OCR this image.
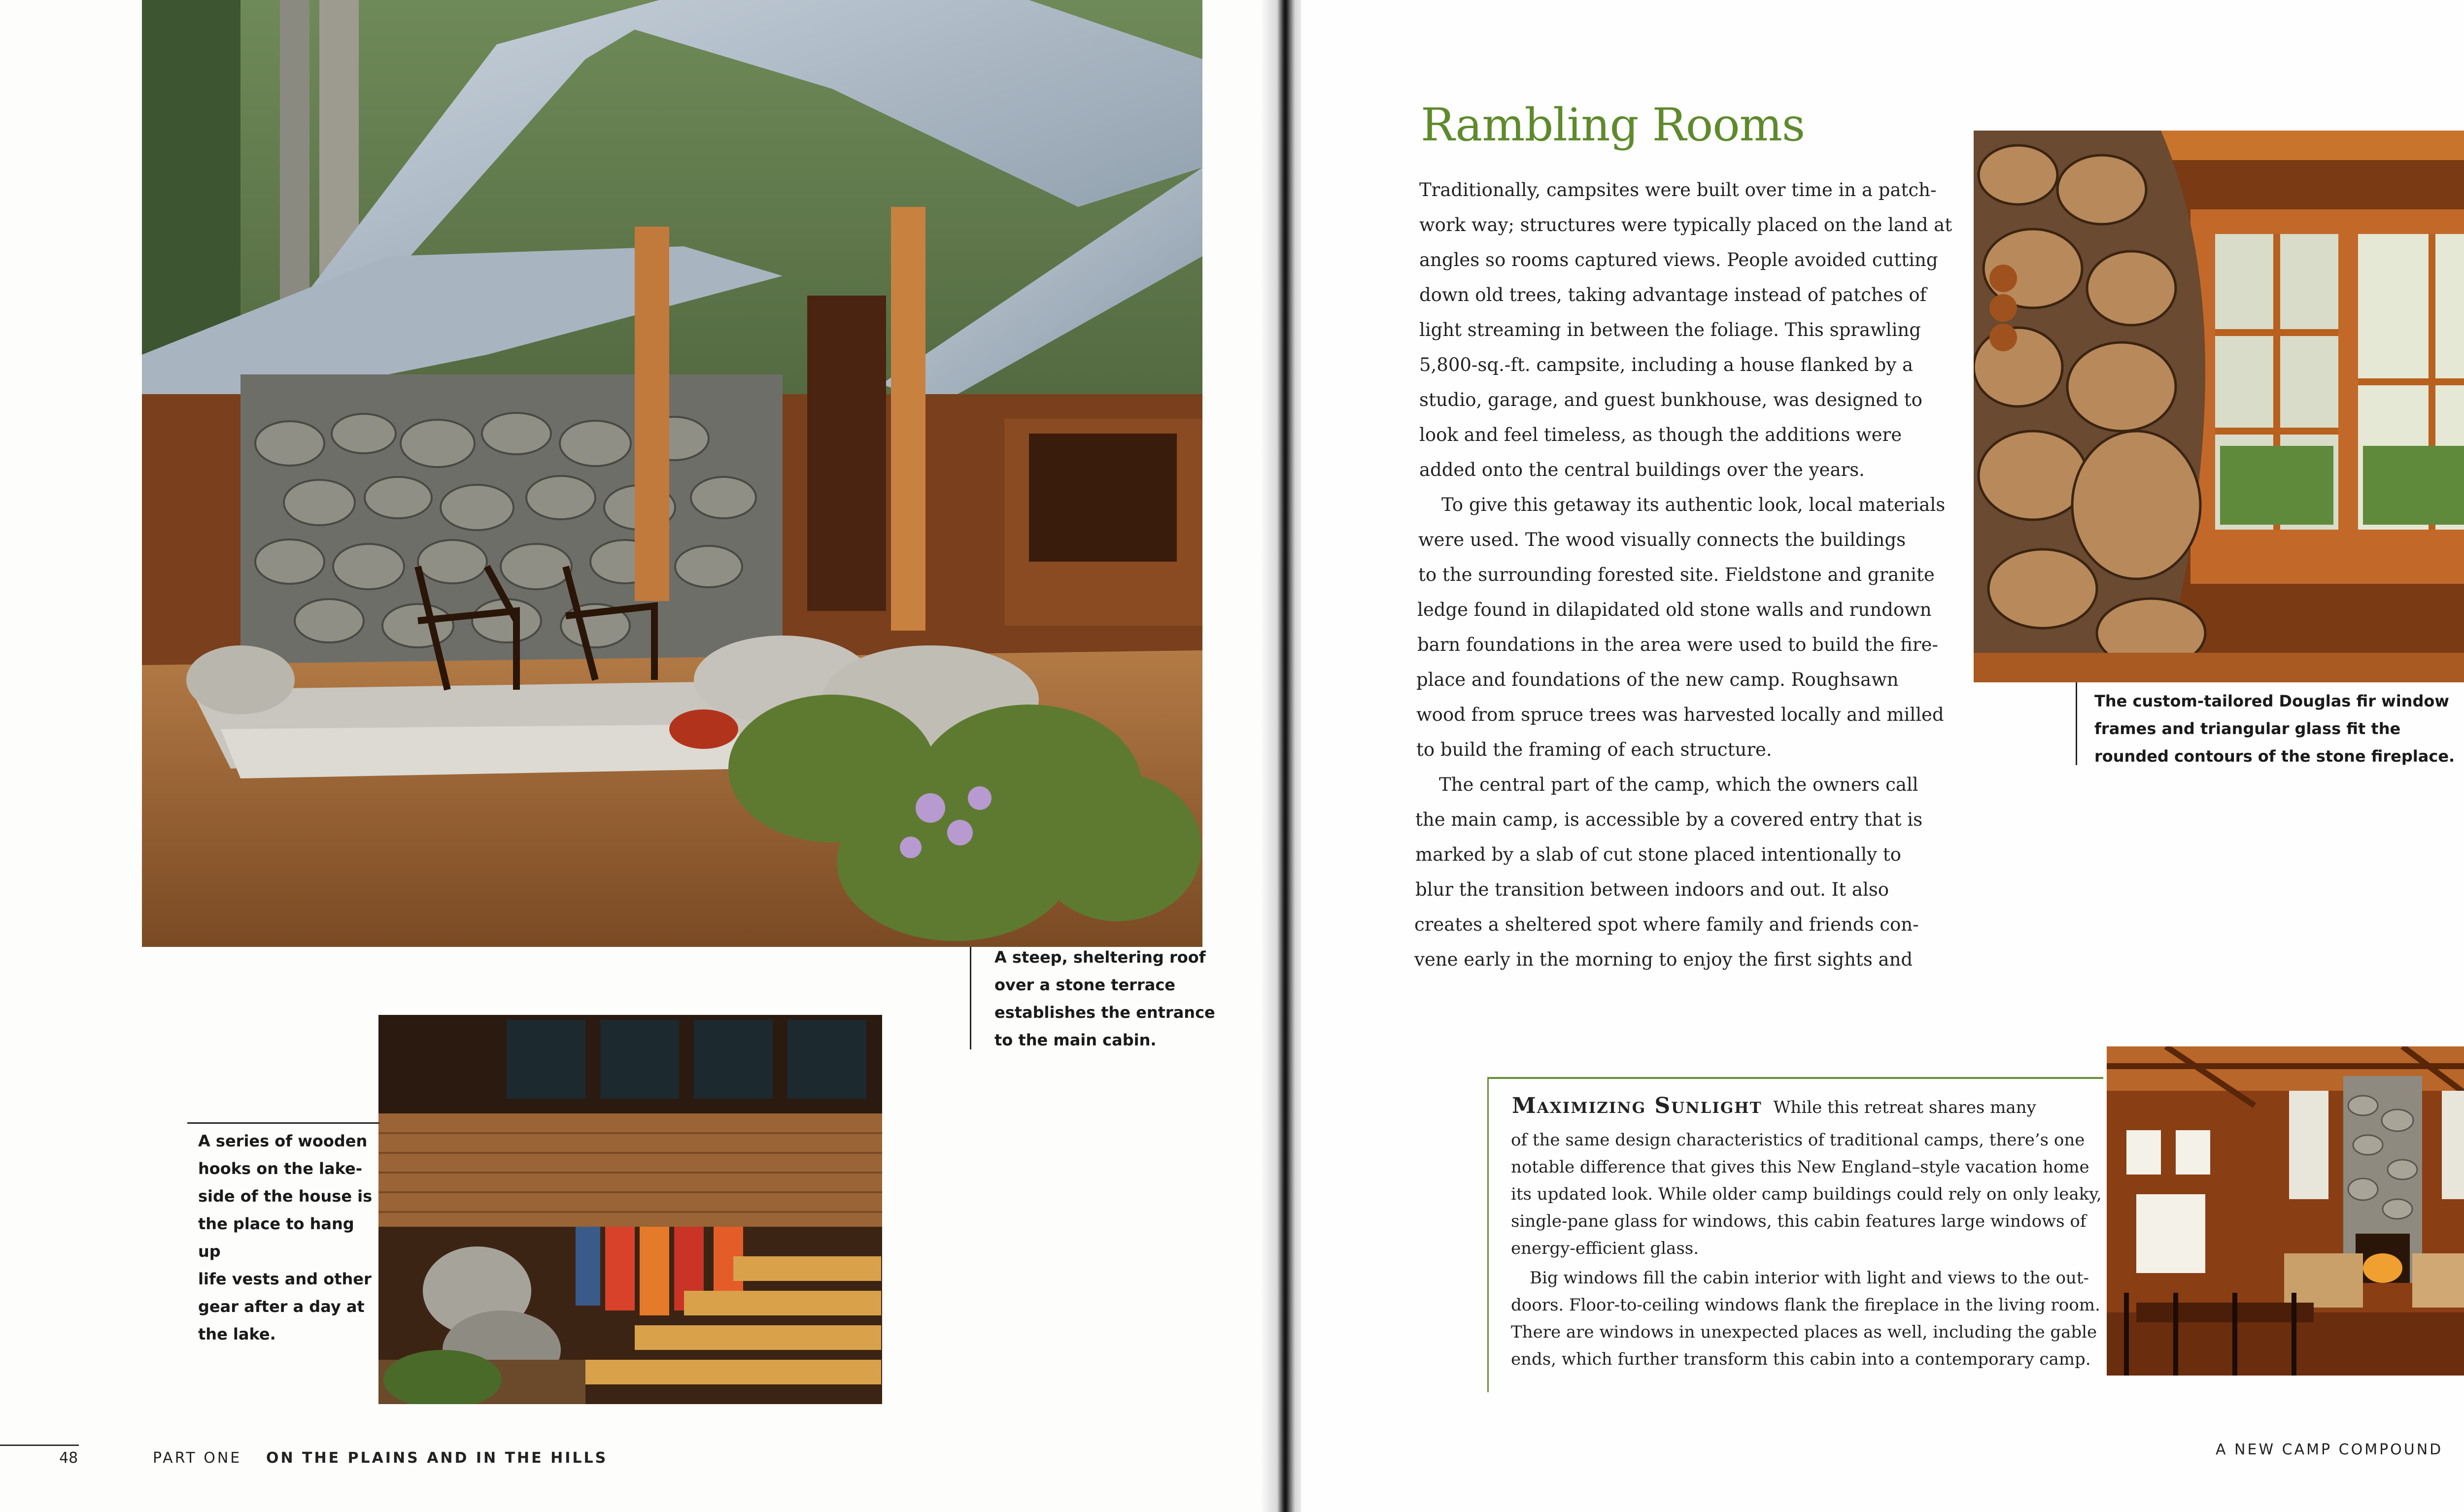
A steep, sheltering roof
over a stone terrace
establishes the entrance
to the main cabin.
A series of wooden
hooks on the lake-
side of the house is
the place to hang up
life vests and other
gear after a day at
the lake.
48	PART ONE ON THE PLAINS AND IN THE HILLS
Rambling Rooms
Traditionally, campsites were built over time in a patch-
work way; structures were typically placed on the land at
angles so rooms captured views. People avoided cutting
down old trees, taking advantage instead of patches of
light streaming in between the foliage. This sprawling
5,800-sq.-ft. campsite, including a house flanked by a
studio, garage, and guest bunkhouse, was designed to
look and feel timeless, as though the additions were
added onto the central buildings over the years.
To give this getaway its authentic look, local materials
were used. The wood visually connects the buildings
to the surrounding forested site. Fieldstone and granite
ledge found in dilapidated old stone walls and rundown
barn foundations in the area were used to build the fire-
place and foundations of the new camp. Roughsawn
wood from spruce trees was harvested locally and milled
to build the framing of each structure.
The central part of the camp, which the owners call
the main camp, is accessible by a covered entry that is
marked by a slab of cut stone placed intentionally to
blur the transition between indoors and out. It also
creates a sheltered spot where family and friends con-
vene early in the morning to enjoy the first sights and
The custom-tailored Douglas fir window
frames and triangular glass fit the
rounded contours of the stone fireplace.
Maximizing Sunlight While this retreat shares many
of the same design characteristics of traditional camps, there’s one
notable difference that gives this New England–style vacation home
its updated look. While older camp buildings could rely on only leaky,
single-pane glass for windows, this cabin features large windows of
energy-efficient glass.
Big windows fill the cabin interior with light and views to the out-
doors. Floor-to-ceiling windows flank the fireplace in the living room.
There are windows in unexpected places as well, including the gable
ends, which further transform this cabin into a contemporary camp.
A NEW CAMP COMPOUND
